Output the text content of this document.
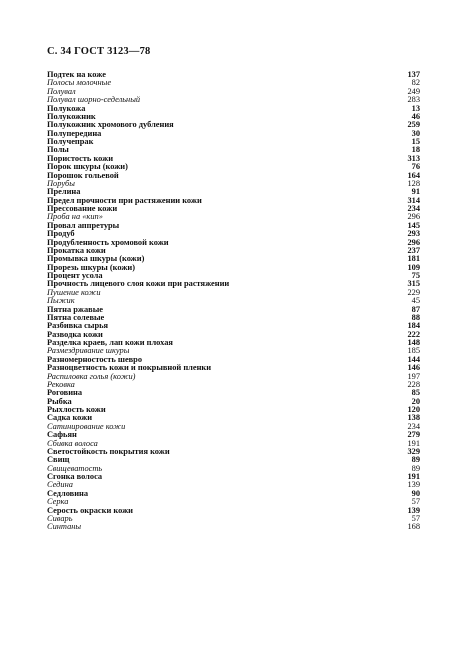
С. 34 ГОСТ 3123—78
Подтек на коже	137
Полосы молочные	82
Полувал	249
Полувал шорно-седельный	283
Полукожа	13
Полукожник	46
Полукожник хромового дубления	259
Полупередина	30
Получепрак	15
Полы	18
Пористость кожи	313
Порок шкуры (кожи)	76
Порошок гольевой	164
Порубы	128
Прелина	91
Предел прочности при растяжении кожи	314
Прессование кожи	234
Проба на «кип»	296
Провал аппретуры	145
Продуб	293
Продубленность хромовой кожи	296
Прокатка кожи	237
Промывка шкуры (кожи)	181
Прорезь шкуры (кожи)	109
Процент усола	75
Прочность лицевого слоя кожи при растяжении	315
Пушение кожи	229
Пыжик	45
Пятна ржавые	87
Пятна солевые	88
Разбивка сырья	184
Разводка кожи	222
Разделка краев, лап кожи плохая	148
Размездривание шкуры	185
Разномерностость шевро	144
Разноцветность кожи и покрывной пленки	146
Распиловка голья (кожи)	197
Рековка	228
Роговина	85
Рыбка	20
Рыхлость кожи	120
Садка кожи	138
Сатинирование кожи	234
Сафьян	279
Сбивка волоса	191
Светостойкость покрытия кожи	329
Свищ	89
Свищеватость	89
Сгонка волоса	191
Седина	139
Седловина	90
Серка	57
Серость окраски кожи	139
Сиварь	57
Синтаны	168
